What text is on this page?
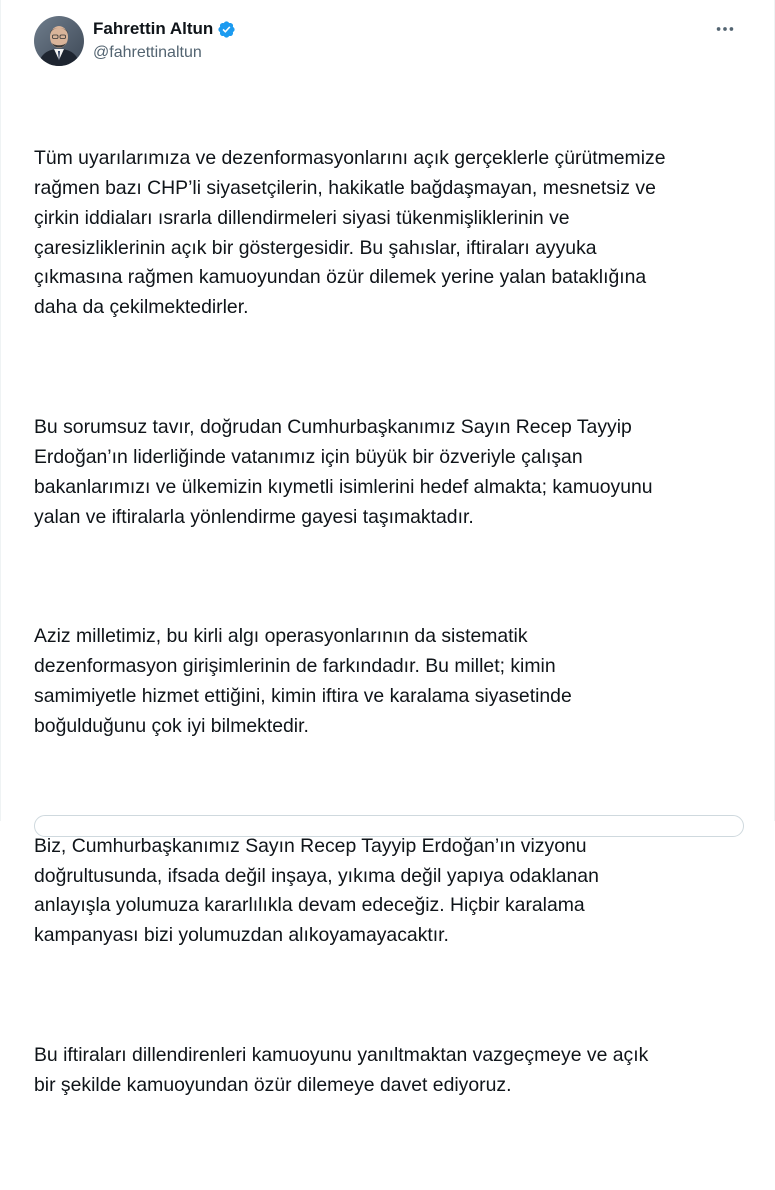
Fahrettin Altun
@fahrettinaltun

Tüm uyarılarımıza ve dezenformasyonlarını açık gerçeklerle çürütmemize
rağmen bazı CHP’li siyasetçilerin, hakikatle bağdaşmayan, mesnetsiz ve
çirkin iddiaları ısrarla dillendirmeleri siyasi tükenmişliklerinin ve
çaresizliklerinin açık bir göstergesidir. Bu şahıslar, iftiraları ayyuka
çıkmasına rağmen kamuoyundan özür dilemek yerine yalan bataklığına
daha da çekilmektedirler.

Bu sorumsuz tavır, doğrudan Cumhurbaşkanımız Sayın Recep Tayyip
Erdoğan’ın liderliğinde vatanımız için büyük bir özveriyle çalışan
bakanlarımızı ve ülkemizin kıymetli isimlerini hedef almakta; kamuoyunu
yalan ve iftiralarla yönlendirme gayesi taşımaktadır.

Aziz milletimiz, bu kirli algı operasyonlarının da sistematik
dezenformasyon girişimlerinin de farkındadır. Bu millet; kimin
samimiyetle hizmet ettiğini, kimin iftira ve karalama siyasetinde
boğulduğunu çok iyi bilmektedir.

Biz, Cumhurbaşkanımız Sayın Recep Tayyip Erdoğan’ın vizyonu
doğrultusunda, ifsada değil inşaya, yıkıma değil yapıya odaklanan
anlayışla yolumuza kararlılıkla devam edeceğiz. Hiçbir karalama
kampanyası bizi yolumuzdan alıkoyamayacaktır.

Bu iftiraları dillendirenleri kamuoyunu yanıltmaktan vazgeçmeye ve açık
bir şekilde kamuoyundan özür dilemeye davet ediyoruz.
